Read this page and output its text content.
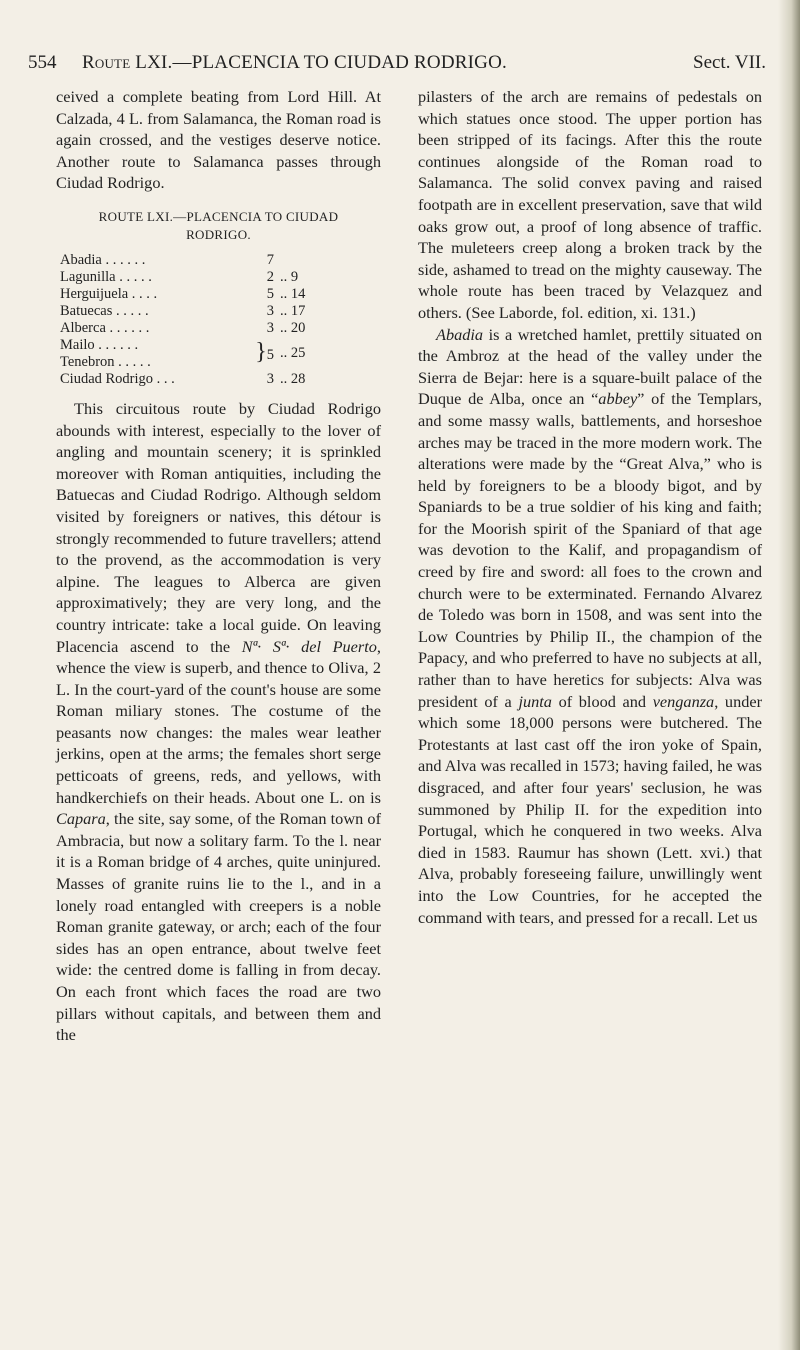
554 Route LXI.—PLACENCIA TO CIUDAD RODRIGO.	Sect. VII.

ceived a complete beating from Lord Hill. At Calzada, 4 L. from Salamanca, the Roman road is again crossed, and the vestiges deserve notice. Another route to Salamanca passes through Ciudad Rodrigo.

ROUTE LXI.—PLACENCIA TO CIUDAD
RODRIGO.
Abadia . . . . . .	7	
Lagunilla . . . . .	2	.. 9
Herguijuela . . . .	5	.. 14
Batuecas . . . . .	3	.. 17
Alberca . . . . . .	3	.. 20
Mailo . . . . . .	}5	.. 25
Tenebron . . . . .		
Ciudad Rodrigo . . .	3	.. 28

This circuitous route by Ciudad Rodrigo abounds with interest, especially to the lover of angling and mountain scenery; it is sprinkled moreover with Roman antiquities, including the Batuecas and Ciudad Rodrigo. Although seldom visited by foreigners or natives, this détour is strongly recommended to future travellers; attend to the provend, as the accommodation is very alpine. The leagues to Alberca are given approximatively; they are very long, and the country intricate: take a local guide. On leaving Placencia ascend to the Nª· Sª· del Puerto, whence the view is superb, and thence to Oliva, 2 L. In the court-yard of the count's house are some Roman miliary stones. The costume of the peasants now changes: the males wear leather jerkins, open at the arms; the females short serge petticoats of greens, reds, and yellows, with handkerchiefs on their heads. About one L. on is Capara, the site, say some, of the Roman town of Ambracia, but now a solitary farm. To the l. near it is a Roman bridge of 4 arches, quite uninjured. Masses of granite ruins lie to the l., and in a lonely road entangled with creepers is a noble Roman granite gateway, or arch; each of the four sides has an open entrance, about twelve feet wide: the centred dome is falling in from decay. On each front which faces the road are two pillars without capitals, and between them and the

pilasters of the arch are remains of pedestals on which statues once stood. The upper portion has been stripped of its facings. After this the route continues alongside of the Roman road to Salamanca. The solid convex paving and raised footpath are in excellent preservation, save that wild oaks grow out, a proof of long absence of traffic. The muleteers creep along a broken track by the side, ashamed to tread on the mighty causeway. The whole route has been traced by Velazquez and others. (See Laborde, fol. edition, xi. 131.)

Abadia is a wretched hamlet, prettily situated on the Ambroz at the head of the valley under the Sierra de Bejar: here is a square-built palace of the Duque de Alba, once an “abbey” of the Templars, and some massy walls, battlements, and horseshoe arches may be traced in the more modern work. The alterations were made by the “Great Alva,” who is held by foreigners to be a bloody bigot, and by Spaniards to be a true soldier of his king and faith; for the Moorish spirit of the Spaniard of that age was devotion to the Kalif, and propagandism of creed by fire and sword: all foes to the crown and church were to be exterminated. Fernando Alvarez de Toledo was born in 1508, and was sent into the Low Countries by Philip II., the champion of the Papacy, and who preferred to have no subjects at all, rather than to have heretics for subjects: Alva was president of a junta of blood and venganza, under which some 18,000 persons were butchered. The Protestants at last cast off the iron yoke of Spain, and Alva was recalled in 1573; having failed, he was disgraced, and after four years' seclusion, he was summoned by Philip II. for the expedition into Portugal, which he conquered in two weeks. Alva died in 1583. Raumur has shown (Lett. xvi.) that Alva, probably foreseeing failure, unwillingly went into the Low Countries, for he accepted the command with tears, and pressed for a recall. Let us
